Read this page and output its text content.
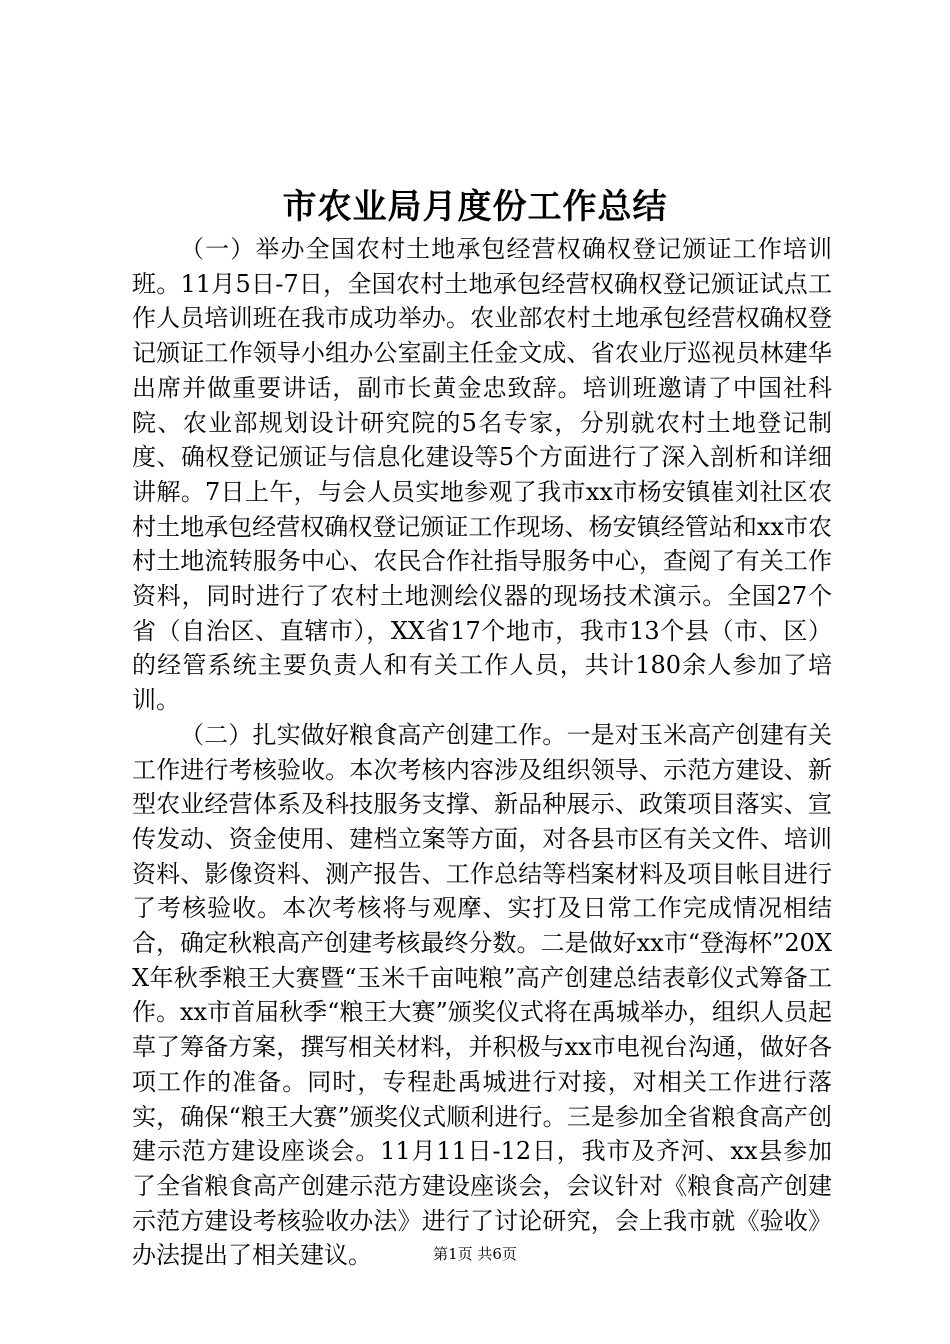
市农业局月度份工作总结

（一）举办全国农村土地承包经营权确权登记颁证工作培训班。11月5日-7日，全国农村土地承包经营权确权登记颁证试点工作人员培训班在我市成功举办。农业部农村土地承包经营权确权登记颁证工作领导小组办公室副主任金文成、省农业厅巡视员林建华出席并做重要讲话，副市长黄金忠致辞。培训班邀请了中国社科院、农业部规划设计研究院的5名专家，分别就农村土地登记制度、确权登记颁证与信息化建设等5个方面进行了深入剖析和详细讲解。7日上午，与会人员实地参观了我市xx市杨安镇崔刘社区农村土地承包经营权确权登记颁证工作现场、杨安镇经管站和xx市农村土地流转服务中心、农民合作社指导服务中心，查阅了有关工作资料，同时进行了农村土地测绘仪器的现场技术演示。全国27个省（自治区、直辖市），XX省17个地市，我市13个县（市、区）的经管系统主要负责人和有关工作人员，共计180余人参加了培训。

（二）扎实做好粮食高产创建工作。一是对玉米高产创建有关工作进行考核验收。本次考核内容涉及组织领导、示范方建设、新型农业经营体系及科技服务支撑、新品种展示、政策项目落实、宣传发动、资金使用、建档立案等方面，对各县市区有关文件、培训资料、影像资料、测产报告、工作总结等档案材料及项目帐目进行了考核验收。本次考核将与观摩、实打及日常工作完成情况相结合，确定秋粮高产创建考核最终分数。二是做好xx市“登海杯”20XX年秋季粮王大赛暨“玉米千亩吨粮”高产创建总结表彰仪式筹备工作。xx市首届秋季“粮王大赛”颁奖仪式将在禹城举办，组织人员起草了筹备方案，撰写相关材料，并积极与xx市电视台沟通，做好各项工作的准备。同时，专程赴禹城进行对接，对相关工作进行落实，确保“粮王大赛”颁奖仪式顺利进行。三是参加全省粮食高产创建示范方建设座谈会。11月11日-12日，我市及齐河、xx县参加了全省粮食高产创建示范方建设座谈会，会议针对《粮食高产创建示范方建设考核验收办法》进行了讨论研究，会上我市就《验收》办法提出了相关建议。	第1页 共6页
